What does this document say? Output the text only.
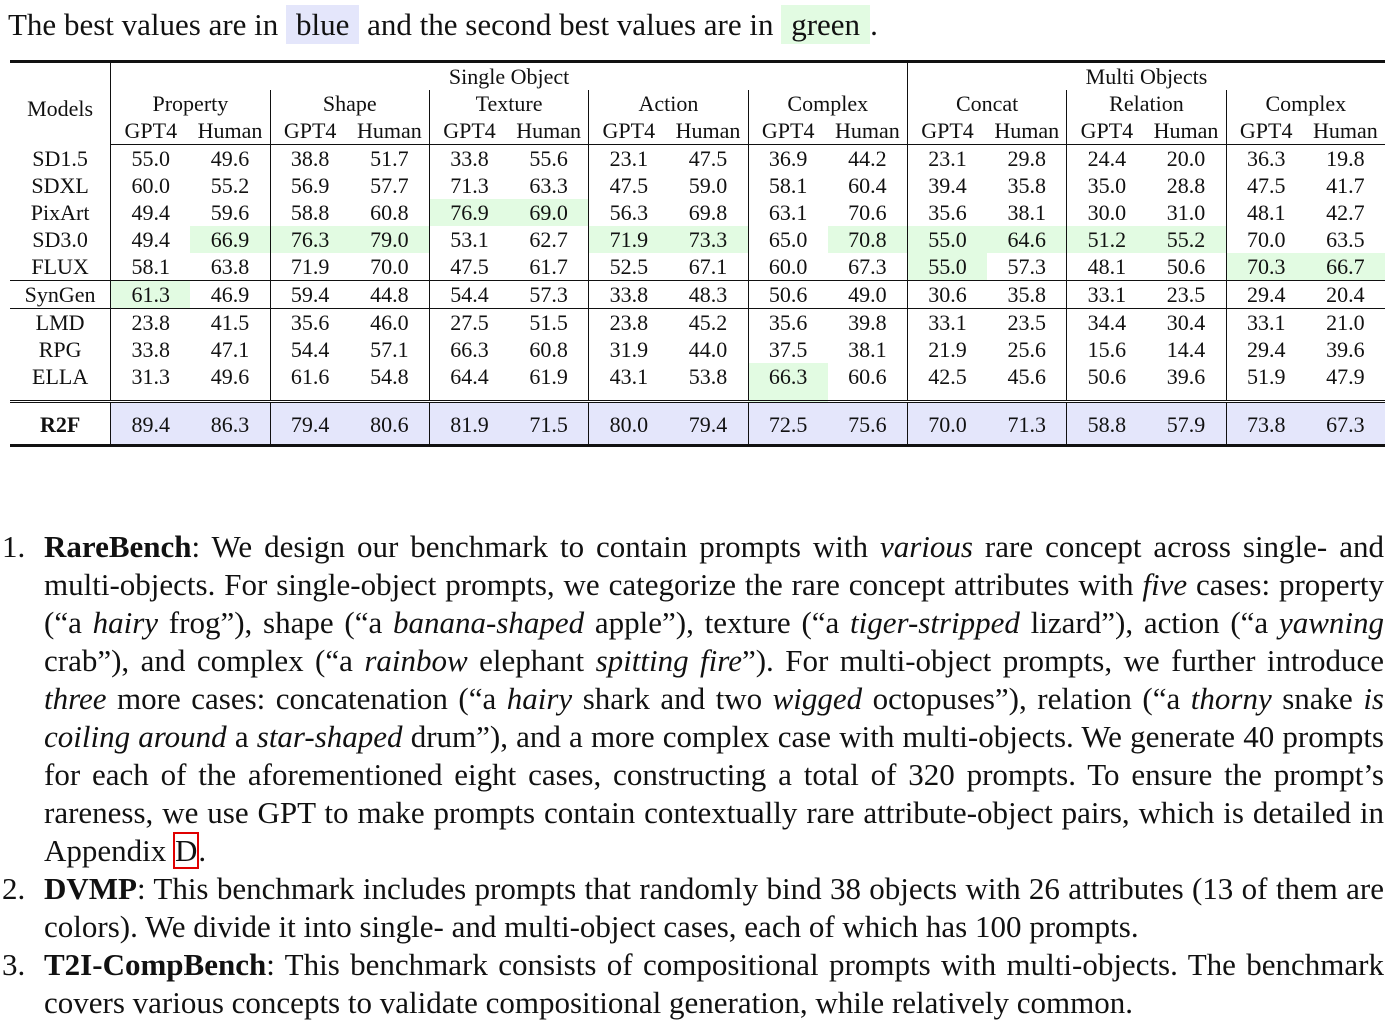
The best values are in blue and the second best values are in green .
Models	Single Object										Multi Objects					
	Property		Shape		Texture		Action		Complex		Concat		Relation		Complex	
	GPT4	Human	GPT4	Human	GPT4	Human	GPT4	Human	GPT4	Human	GPT4	Human	GPT4	Human	GPT4	Human
SD1.5	55.0	49.6	38.8	51.7	33.8	55.6	23.1	47.5	36.9	44.2	23.1	29.8	24.4	20.0	36.3	19.8
SDXL	60.0	55.2	56.9	57.7	71.3	63.3	47.5	59.0	58.1	60.4	39.4	35.8	35.0	28.8	47.5	41.7
PixArt	49.4	59.6	58.8	60.8	76.9	69.0	56.3	69.8	63.1	70.6	35.6	38.1	30.0	31.0	48.1	42.7
SD3.0	49.4	66.9	76.3	79.0	53.1	62.7	71.9	73.3	65.0	70.8	55.0	64.6	51.2	55.2	70.0	63.5
FLUX	58.1	63.8	71.9	70.0	47.5	61.7	52.5	67.1	60.0	67.3	55.0	57.3	48.1	50.6	70.3	66.7
SynGen	61.3	46.9	59.4	44.8	54.4	57.3	33.8	48.3	50.6	49.0	30.6	35.8	33.1	23.5	29.4	20.4
LMD	23.8	41.5	35.6	46.0	27.5	51.5	23.8	45.2	35.6	39.8	33.1	23.5	34.4	30.4	33.1	21.0
RPG	33.8	47.1	54.4	57.1	66.3	60.8	31.9	44.0	37.5	38.1	21.9	25.6	15.6	14.4	29.4	39.6
ELLA	31.3	49.6	61.6	54.8	64.4	61.9	43.1	53.8	66.3	60.6	42.5	45.6	50.6	39.6	51.9	47.9
R2F	89.4	86.3	79.4	80.6	81.9	71.5	80.0	79.4	72.5	75.6	70.0	71.3	58.8	57.9	73.8	67.3
1. RareBench: We design our benchmark to contain prompts with various rare concept across single- and multi-objects. For single-object prompts, we categorize the rare concept attributes with five cases: property (“a hairy frog”), shape (“a banana-shaped apple”), texture (“a tiger-stripped lizard”), action (“a yawning crab”), and complex (“a rainbow elephant spitting fire”). For multi-object prompts, we further introduce three more cases: concatenation (“a hairy shark and two wigged octopuses”), relation (“a thorny snake is coiling around a star-shaped drum”), and a more complex case with multi-objects. We generate 40 prompts for each of the aforementioned eight cases, constructing a total of 320 prompts. To ensure the prompt’s rareness, we use GPT to make prompts contain contextually rare attribute-object pairs, which is detailed in Appendix D.
2. DVMP: This benchmark includes prompts that randomly bind 38 objects with 26 attributes (13 of them are colors). We divide it into single- and multi-object cases, each of which has 100 prompts.
3. T2I-CompBench: This benchmark consists of compositional prompts with multi-objects. The benchmark covers various concepts to validate compositional generation, while relatively common.
